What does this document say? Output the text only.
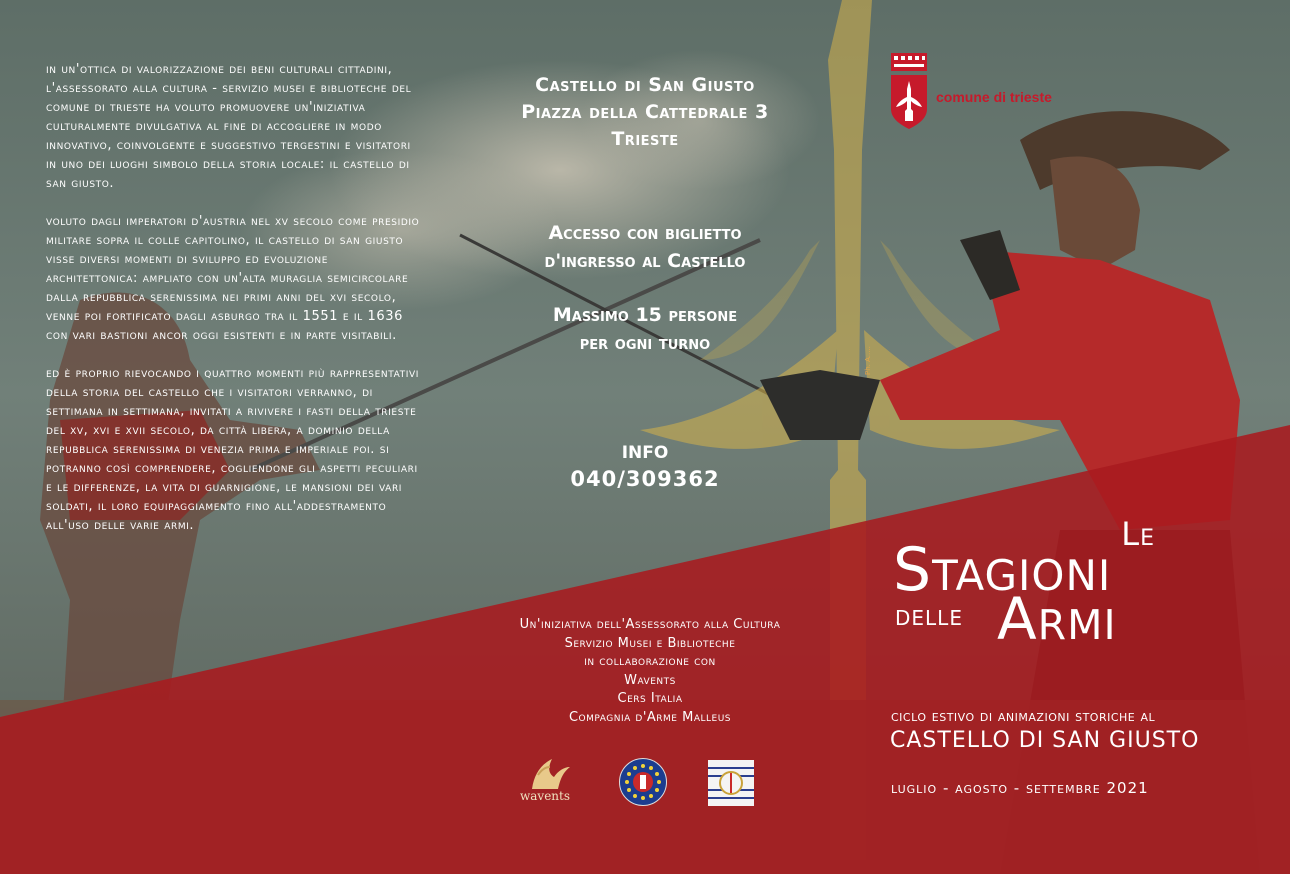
in un'ottica di valorizzazione dei beni culturali cittadini, l'assessorato alla cultura - servizio musei e biblioteche del comune di trieste ha voluto promuovere un'iniziativa culturalmente divulgativa al fine di accogliere in modo innovativo, coinvolgente e suggestivo tergestini e visitatori in uno dei luoghi simbolo della storia locale: il castello di san giusto.

voluto dagli imperatori d'austria nel xv secolo come presidio militare sopra il colle capitolino, il castello di san giusto visse diversi momenti di sviluppo ed evoluzione architettonica: ampliato con un'alta muraglia semicircolare dalla repubblica serenissima nei primi anni del xvi secolo, venne poi fortificato dagli asburgo tra il 1551 e il 1636 con vari bastioni ancor oggi esistenti e in parte visitabili.

ed è proprio rievocando i quattro momenti più rappresentativi della storia del castello che i visitatori verranno, di settimana in settimana, invitati a rivivere i fasti della trieste del xv, xvi e xvii secolo, da città libera, a dominio della repubblica serenissima di venezia prima e imperiale poi. si potranno così comprendere, cogliendone gli aspetti peculiari e le differenze, la vita di guarnigione, le mansioni dei vari soldati, il loro equipaggiamento fino all'addestramento all'uso delle varie armi.

Castello di San Giusto
Piazza della Cattedrale 3
Trieste
Accesso con biglietto
d'ingresso al Castello
Massimo 15 persone
per ogni turno
INFO
040/309362
Ph. A.....
Un'iniziativa dell'Assessorato alla Cultura
Servizio Musei e Biblioteche
in collaborazione con
Wavents
Cers Italia
Compagnia d'Arme Malleus
wavents
comune di trieste
Le
Stagioni
delle Armi
ciclo estivo di animazioni storiche al
CASTELLO DI SAN GIUSTO
luglio - agosto - settembre 2021
